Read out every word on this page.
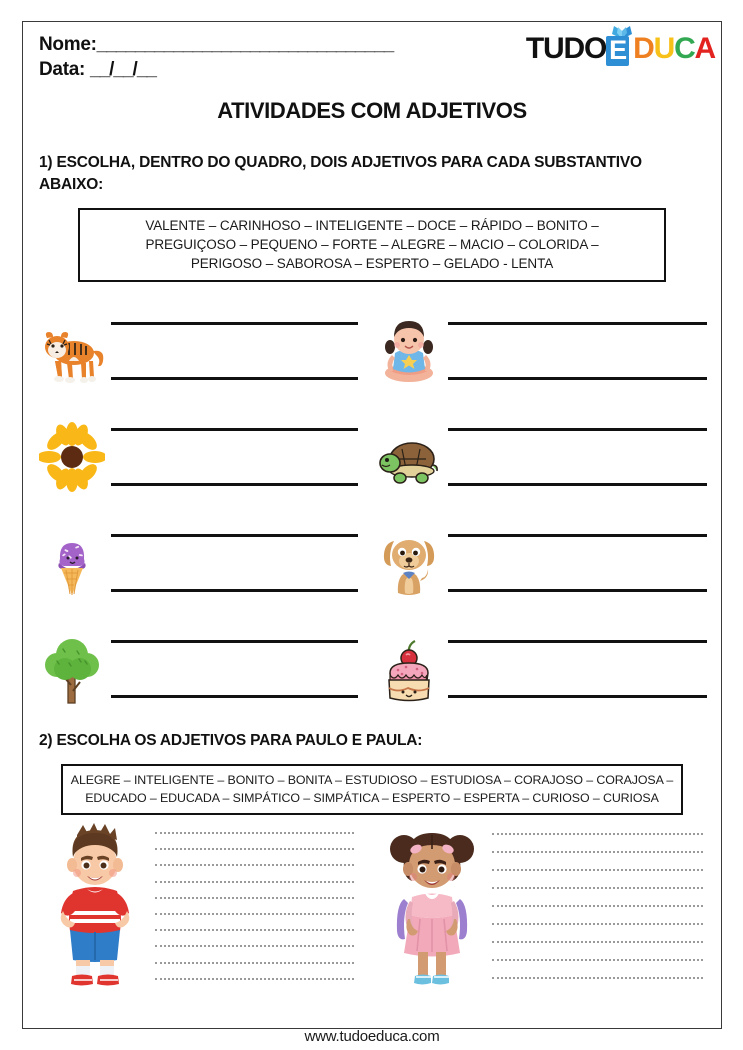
Nome:_______________________________
Data: __/__/__
TUDO E D U C A
ATIVIDADES COM ADJETIVOS
1) ESCOLHA, DENTRO DO QUADRO, DOIS ADJETIVOS PARA CADA SUBSTANTIVO ABAIXO:
VALENTE – CARINHOSO – INTELIGENTE – DOCE – RÁPIDO – BONITO –
PREGUIÇOSO – PEQUENO – FORTE – ALEGRE – MACIO – COLORIDA –
PERIGOSO – SABOROSA – ESPERTO – GELADO - LENTA
2) ESCOLHA OS ADJETIVOS PARA PAULO E PAULA:
ALEGRE – INTELIGENTE – BONITO – BONITA – ESTUDIOSO – ESTUDIOSA – CORAJOSO – CORAJOSA –
EDUCADO – EDUCADA – SIMPÁTICO – SIMPÁTICA – ESPERTO – ESPERTA – CURIOSO – CURIOSA
www.tudoeduca.com
